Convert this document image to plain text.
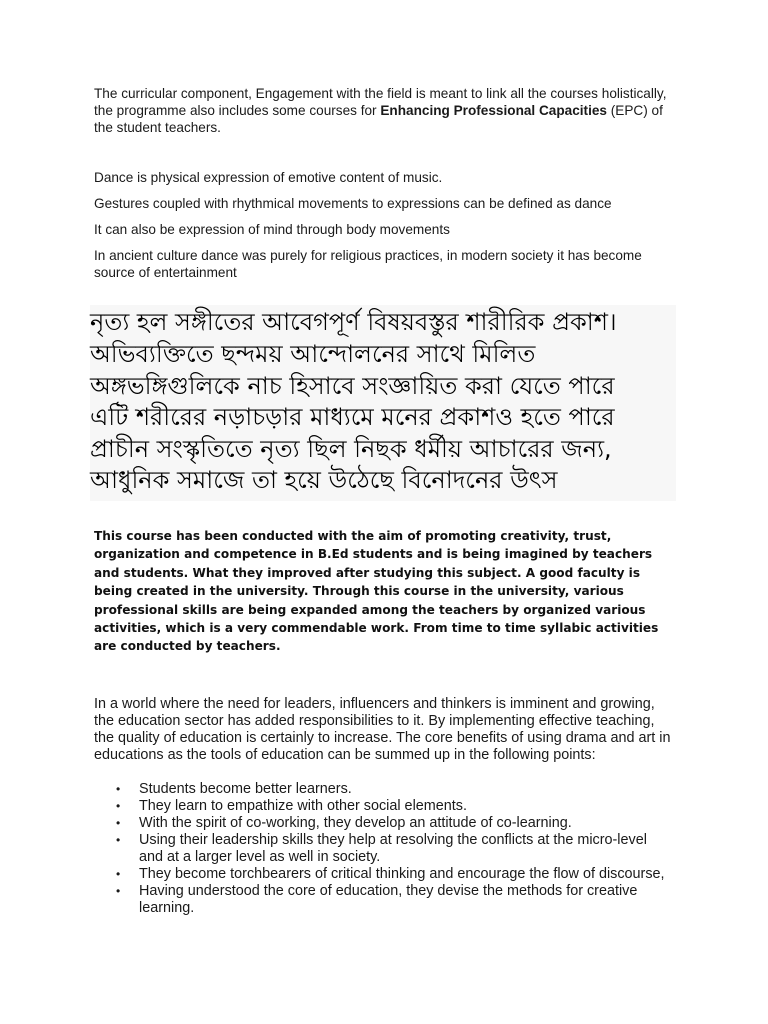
The curricular component, Engagement with the field is meant to link all the courses holistically, the programme also includes some courses for Enhancing Professional Capacities (EPC) of the student teachers.

Dance is physical expression of emotive content of music.

Gestures coupled with rhythmical movements to expressions can be defined as dance

It can also be expression of mind through body movements

In ancient culture dance was purely for religious practices, in modern society it has become source of entertainment

নৃত্য হল সঙ্গীতের আবেগপূর্ণ বিষয়বস্তুর শারীরিক প্রকাশ।
অভিব্যক্তিতে ছন্দময় আন্দোলনের সাথে মিলিত
অঙ্গভঙ্গিগুলিকে নাচ হিসাবে সংজ্ঞায়িত করা যেতে পারে
এটি শরীরের নড়াচড়ার মাধ্যমে মনের প্রকাশও হতে পারে
প্রাচীন সংস্কৃতিতে নৃত্য ছিল নিছক ধর্মীয় আচারের জন্য,
আধুনিক সমাজে তা হয়ে উঠেছে বিনোদনের উৎস

This course has been conducted with the aim of promoting creativity, trust, organization and competence in B.Ed students and is being imagined by teachers and students. What they improved after studying this subject. A good faculty is being created in the university. Through this course in the university, various professional skills are being expanded among the teachers by organized various activities, which is a very commendable work. From time to time syllabic activities are conducted by teachers.

In a world where the need for leaders, influencers and thinkers is imminent and growing, the education sector has added responsibilities to it. By implementing effective teaching, the quality of education is certainly to increase. The core benefits of using drama and art in educations as the tools of education can be summed up in the following points:

• Students become better learners.
• They learn to empathize with other social elements.
• With the spirit of co-working, they develop an attitude of co-learning.
• Using their leadership skills they help at resolving the conflicts at the micro-level and at a larger level as well in society.
• They become torchbearers of critical thinking and encourage the flow of discourse,
• Having understood the core of education, they devise the methods for creative learning.
